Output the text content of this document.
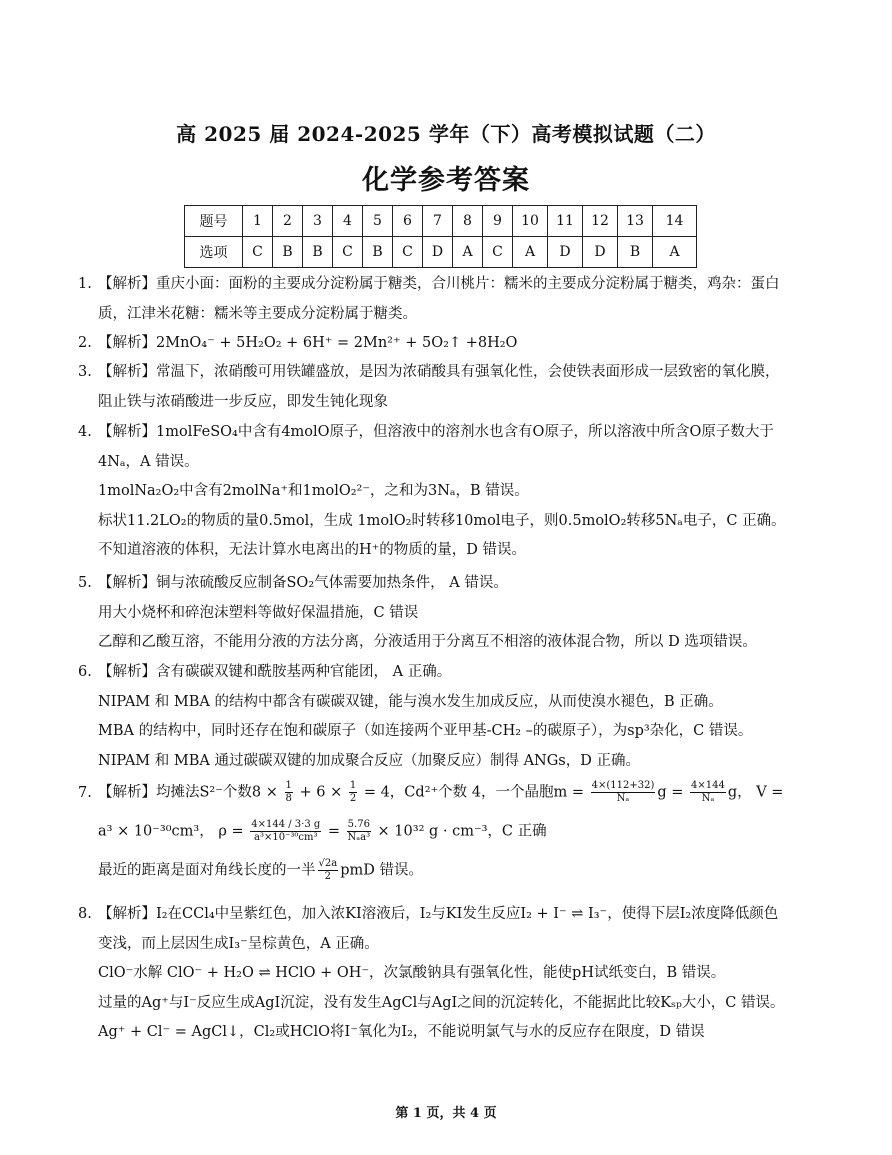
高 2025 届 2024-2025 学年（下）高考模拟试题（二）
化学参考答案
题号	1	2	3	4	5	6	7	8	9	10	11	12	13	14
选项	C	B	B	C	B	C	D	A	C	A	D	D	B	A

1. 【解析】重庆小面：面粉的主要成分淀粉属于糖类，合川桃片：糯米的主要成分淀粉属于糖类，鸡杂：蛋白

质，江津米花糖：糯米等主要成分淀粉属于糖类。

2. 【解析】2MnO₄⁻ + 5H₂O₂ + 6H⁺ = 2Mn²⁺ + 5O₂↑ +8H₂O

3. 【解析】常温下，浓硝酸可用铁罐盛放，是因为浓硝酸具有强氧化性，会使铁表面形成一层致密的氧化膜，

阻止铁与浓硝酸进一步反应，即发生钝化现象

4. 【解析】1molFeSO₄中含有4molO原子，但溶液中的溶剂水也含有O原子，所以溶液中所含O原子数大于

4Nₐ，A 错误。

1molNa₂O₂中含有2molNa⁺和1molO₂²⁻，之和为3Nₐ，B 错误。

标状11.2LO₂的物质的量0.5mol，生成 1molO₂时转移10mol电子，则0.5molO₂转移5Nₐ电子，C 正确。

不知道溶液的体积，无法计算水电离出的H⁺的物质的量，D 错误。

5. 【解析】铜与浓硫酸反应制备SO₂气体需要加热条件， A 错误。

用大小烧杯和碎泡沫塑料等做好保温措施，C 错误

乙醇和乙酸互溶，不能用分液的方法分离，分液适用于分离互不相溶的液体混合物，所以 D 选项错误。

6. 【解析】含有碳碳双键和酰胺基两种官能团， A 正确。

NIPAM 和 MBA 的结构中都含有碳碳双键，能与溴水发生加成反应，从而使溴水褪色，B 正确。

MBA 的结构中，同时还存在饱和碳原子（如连接两个亚甲基-CH₂ –的碳原子），为sp³杂化，C 错误。

NIPAM 和 MBA 通过碳碳双键的加成聚合反应（加聚反应）制得 ANGs，D 正确。

7. 【解析】均摊法S²⁻个数$8 \times \frac{1}{8} + 6 \times \frac{1}{2} = 4$，Cd²⁺个数 4，一个晶胞$m = \frac{4\times(112+32)}{\text{Nₐ}}$ $g = \frac{4\times 144}{\text{Nₐ}}$ g， V =

a³ × 10⁻³⁰cm³， $\rho = \frac{4\times 144 / 3\cdot 3 g}{\text{a³×10⁻³⁰cm³}} = \frac{5.76}{\text{Nₐa³}} \times 10^{32}$ g · cm⁻³，C 正确

最近的距离是面对角线长度的一半 $\frac{√2a}{2}$ pmD 错误。

8. 【解析】I₂在CCl₄中呈紫红色，加入浓KI溶液后，I₂与KI发生反应I₂ + I⁻ ⇌ I₃⁻，使得下层I₂浓度降低颜色

变浅，而上层因生成I₃⁻呈棕黄色，A 正确。

ClO⁻水解 ClO⁻ + H₂O ⇌ HClO + OH⁻，次氯酸钠具有强氧化性，能使pH试纸变白，B 错误。

过量的Ag⁺与I⁻反应生成AgI沉淀，没有发生AgCl与AgI之间的沉淀转化，不能据此比较Kₛₚ大小，C 错误。

Ag⁺ + Cl⁻ = AgCl↓，Cl₂或HClO将I⁻氧化为I₂，不能说明氯气与水的反应存在限度，D 错误

第 1 页，共 4 页
